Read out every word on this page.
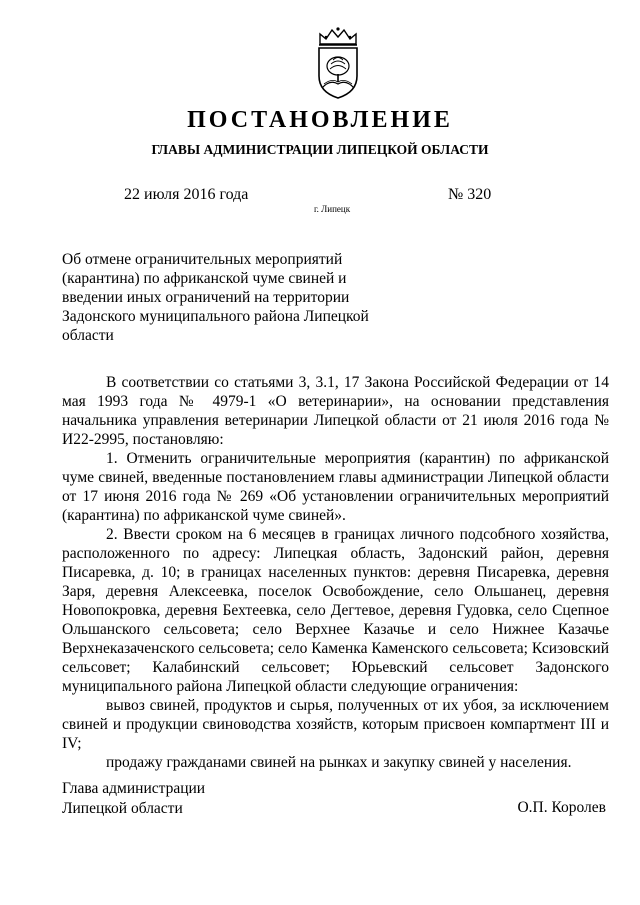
ПОСТАНОВЛЕНИЕ
ГЛАВЫ АДМИНИСТРАЦИИ ЛИПЕЦКОЙ ОБЛАСТИ
22 июля 2016 года
г. Липецк
№ 320
Об отмене ограничительных мероприятий (карантина) по африканской чуме свиней и введении иных ограничений на территории Задонского муниципального района Липецкой области

В соответствии со статьями 3, 3.1, 17 Закона Российской Федерации от 14 мая 1993 года № 4979-1 «О ветеринарии», на основании представления начальника управления ветеринарии Липецкой области от 21 июля 2016 года № И22-2995, постановляю:

1. Отменить ограничительные мероприятия (карантин) по африканской чуме свиней, введенные постановлением главы администрации Липецкой области от 17 июня 2016 года № 269 «Об установлении ограничительных мероприятий (карантина) по африканской чуме свиней».

2. Ввести сроком на 6 месяцев в границах личного подсобного хозяйства, расположенного по адресу: Липецкая область, Задонский район, деревня Писаревка, д. 10; в границах населенных пунктов: деревня Писаревка, деревня Заря, деревня Алексеевка, поселок Освобождение, село Ольшанец, деревня Новопокровка, деревня Бехтеевка, село Дегтевое, деревня Гудовка, село Сцепное Ольшанского сельсовета; село Верхнее Казачье и село Нижнее Казачье Верхнеказаченского сельсовета; село Каменка Каменского сельсовета; Ксизовский сельсовет; Калабинский сельсовет; Юрьевский сельсовет Задонского муниципального района Липецкой области следующие ограничения:

вывоз свиней, продуктов и сырья, полученных от их убоя, за исключением свиней и продукции свиноводства хозяйств, которым присвоен компартмент III и IV;

продажу гражданами свиней на рынках и закупку свиней у населения.

Глава администрации
Липецкой области	О.П. Королев
